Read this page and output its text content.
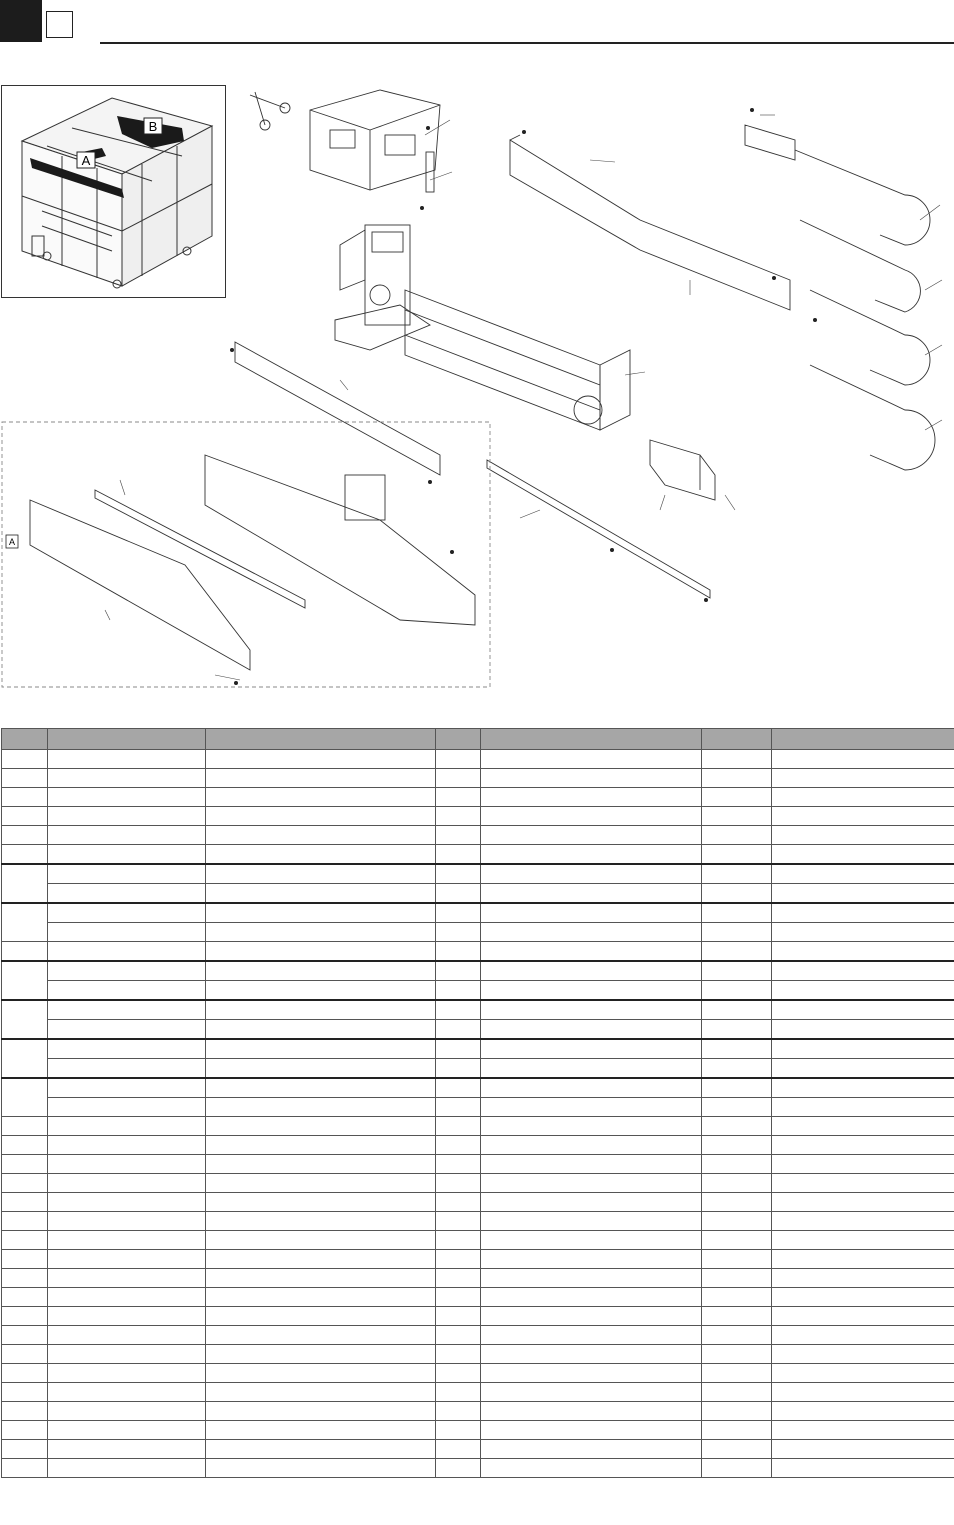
A
B
A
